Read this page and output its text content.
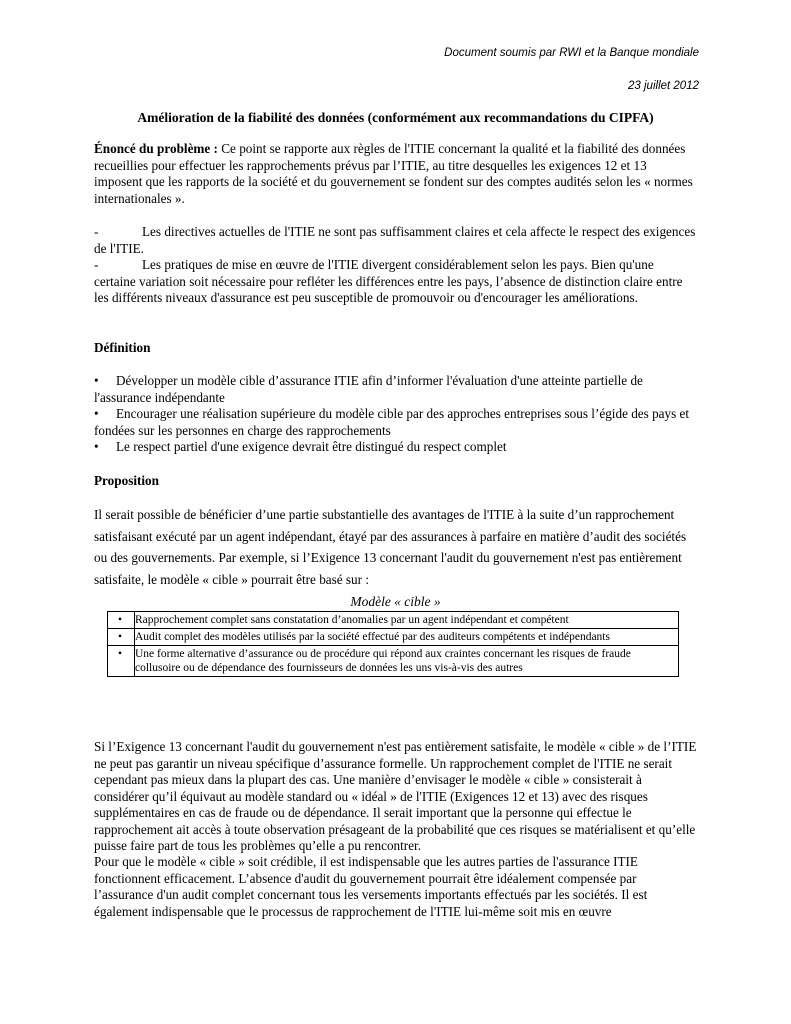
Document soumis par RWI et la Banque mondiale
23 juillet 2012
Amélioration de la fiabilité des données (conformément aux recommandations du CIPFA)
Énoncé du problème : Ce point se rapporte aux règles de l'ITIE concernant la qualité et la fiabilité des données recueillies pour effectuer les rapprochements prévus par l’ITIE, au titre desquelles les exigences 12 et 13 imposent que les rapports de la société et du gouvernement se fondent sur des comptes audités selon les « normes internationales ».
-	Les directives actuelles de l'ITIE ne sont pas suffisamment claires et cela affecte le respect des exigences de l'ITIE.
-	Les pratiques de mise en œuvre de l'ITIE divergent considérablement selon les pays. Bien qu'une certaine variation soit nécessaire pour refléter les différences entre les pays, l’absence de distinction claire entre les différents niveaux d'assurance est peu susceptible de promouvoir ou d'encourager les améliorations.
Définition
• Développer un modèle cible d’assurance ITIE afin d’informer l'évaluation d'une atteinte partielle de l'assurance indépendante
• Encourager une réalisation supérieure du modèle cible par des approches entreprises sous l’égide des pays et fondées sur les personnes en charge des rapprochements
• Le respect partiel d'une exigence devrait être distingué du respect complet
Proposition
Il serait possible de bénéficier d’une partie substantielle des avantages de l'ITIE à la suite d’un rapprochement satisfaisant exécuté par un agent indépendant, étayé par des assurances à parfaire en matière d’audit des sociétés ou des gouvernements. Par exemple, si l’Exigence 13 concernant l'audit du gouvernement n'est pas entièrement satisfaite, le modèle « cible » pourrait être basé sur :
Modèle « cible »
•	Rapprochement complet sans constatation d’anomalies par un agent indépendant et compétent
•	Audit complet des modèles utilisés par la société effectué par des auditeurs compétents et indépendants
•	Une forme alternative d’assurance ou de procédure qui répond aux craintes concernant les risques de fraude collusoire ou de dépendance des fournisseurs de données les uns vis-à-vis des autres
Si l’Exigence 13 concernant l'audit du gouvernement n'est pas entièrement satisfaite, le modèle « cible » de l’ITIE ne peut pas garantir un niveau spécifique d’assurance formelle. Un rapprochement complet de l'ITIE ne serait cependant pas mieux dans la plupart des cas. Une manière d’envisager le modèle « cible » consisterait à considérer qu’il équivaut au modèle standard ou « idéal » de l'ITIE (Exigences 12 et 13) avec des risques supplémentaires en cas de fraude ou de dépendance. Il serait important que la personne qui effectue le rapprochement ait accès à toute observation présageant de la probabilité que ces risques se matérialisent et qu’elle puisse faire part de tous les problèmes qu’elle a pu rencontrer.
Pour que le modèle « cible » soit crédible, il est indispensable que les autres parties de l'assurance ITIE fonctionnent efficacement. L’absence d'audit du gouvernement pourrait être idéalement compensée par l’assurance d'un audit complet concernant tous les versements importants effectués par les sociétés. Il est également indispensable que le processus de rapprochement de l'ITIE lui-même soit mis en œuvre
